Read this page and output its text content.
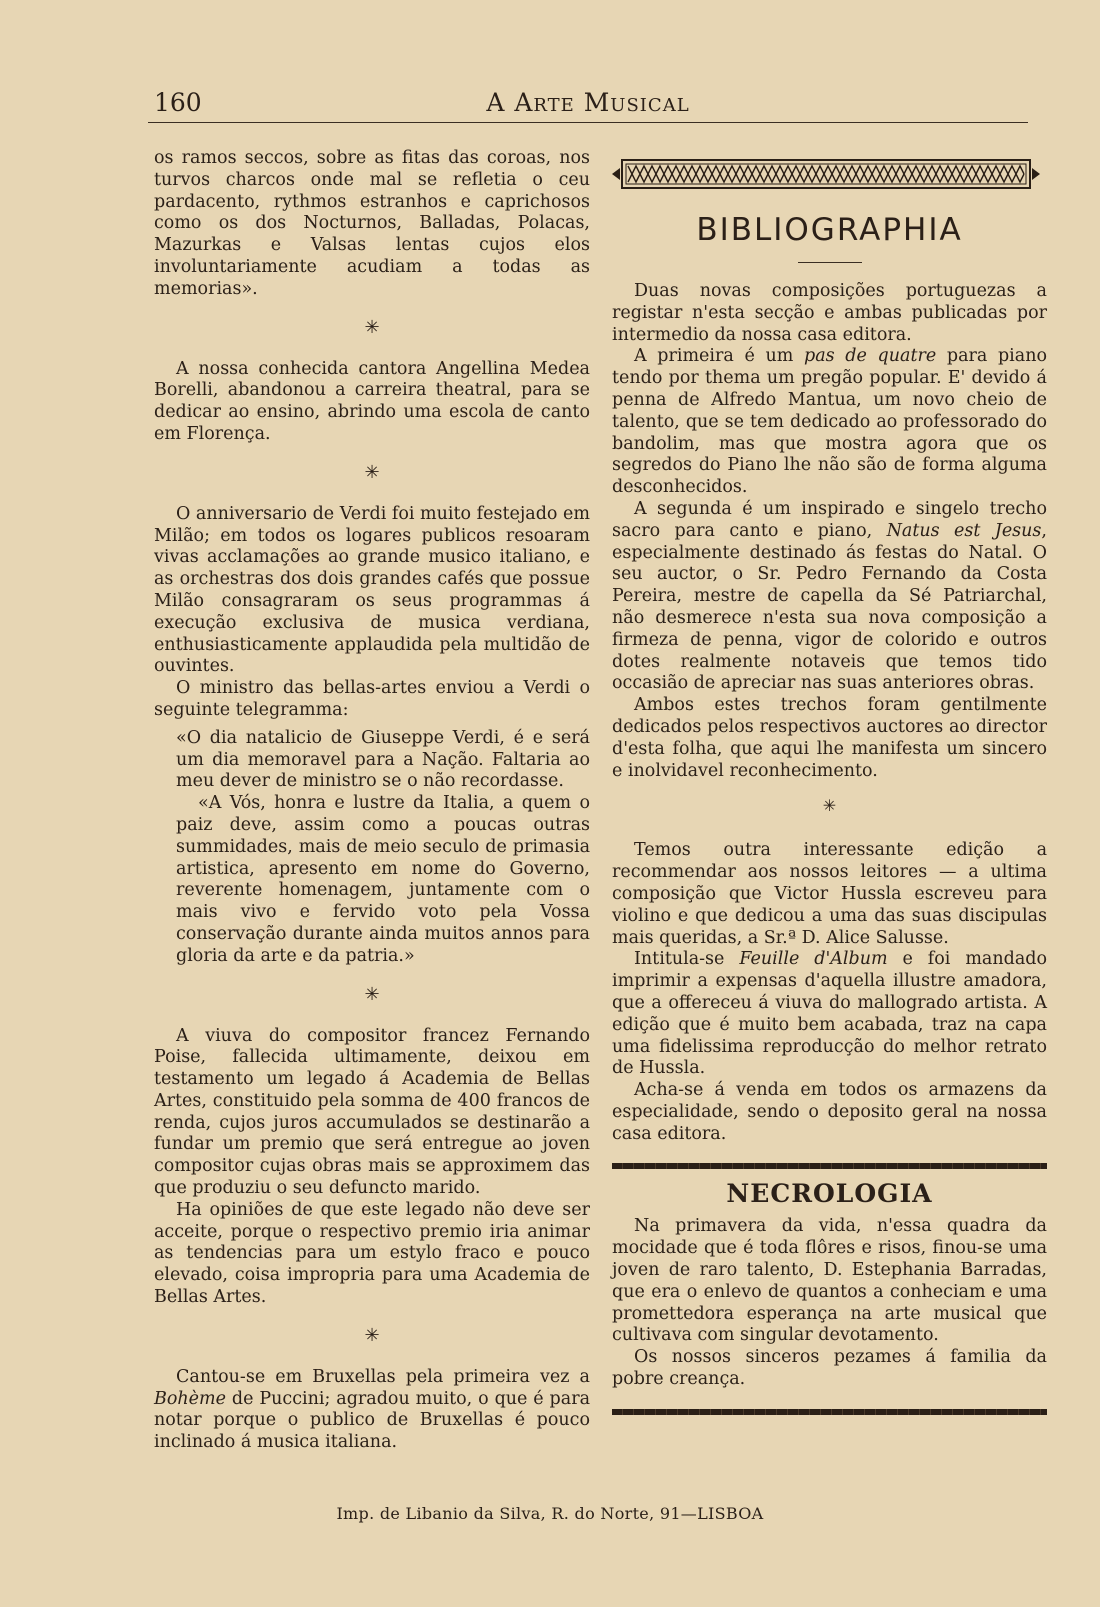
160	A Arte Musical

os ramos seccos, sobre as fitas das coroas, nos turvos charcos onde mal se refletia o ceu pardacento, rythmos estranhos e caprichosos como os dos Nocturnos, Balladas, Polacas, Mazurkas e Valsas lentas cujos elos involuntariamente acudiam a todas as memorias».

✳

A nossa conhecida cantora Angellina Medea Borelli, abandonou a carreira theatral, para se dedicar ao ensino, abrindo uma escola de canto em Florença.

✳

O anniversario de Verdi foi muito festejado em Milão; em todos os logares publicos resoaram vivas acclamações ao grande musico italiano, e as orchestras dos dois grandes cafés que possue Milão consagraram os seus programmas á execução exclusiva de musica verdiana, enthusiasticamente applaudida pela multidão de ouvintes.

O ministro das bellas-artes enviou a Verdi o seguinte telegramma:

«O dia natalicio de Giuseppe Verdi, é e será um dia memoravel para a Nação. Faltaria ao meu dever de ministro se o não recordasse.

«A Vós, honra e lustre da Italia, a quem o paiz deve, assim como a poucas outras summidades, mais de meio seculo de primasia artistica, apresento em nome do Governo, reverente homenagem, juntamente com o mais vivo e fervido voto pela Vossa conservação durante ainda muitos annos para gloria da arte e da patria.»

✳

A viuva do compositor francez Fernando Poise, fallecida ultimamente, deixou em testamento um legado á Academia de Bellas Artes, constituido pela somma de 400 francos de renda, cujos juros accumulados se destinarão a fundar um premio que será entregue ao joven compositor cujas obras mais se approximem das que produziu o seu defuncto marido.

Ha opiniões de que este legado não deve ser acceite, porque o respectivo premio iria animar as tendencias para um estylo fraco e pouco elevado, coisa impropria para uma Academia de Bellas Artes.

✳

Cantou-se em Bruxellas pela primeira vez a Bohème de Puccini; agradou muito, o que é para notar porque o publico de Bruxellas é pouco inclinado á musica italiana.

BIBLIOGRAPHIA

Duas novas composições portuguezas a registar n'esta secção e ambas publicadas por intermedio da nossa casa editora.

A primeira é um pas de quatre para piano tendo por thema um pregão popular. E' devido á penna de Alfredo Mantua, um novo cheio de talento, que se tem dedicado ao professorado do bandolim, mas que mostra agora que os segredos do Piano lhe não são de forma alguma desconhecidos.

A segunda é um inspirado e singelo trecho sacro para canto e piano, Natus est Jesus, especialmente destinado ás festas do Natal. O seu auctor, o Sr. Pedro Fernando da Costa Pereira, mestre de capella da Sé Patriarchal, não desmerece n'esta sua nova composição a firmeza de penna, vigor de colorido e outros dotes realmente notaveis que temos tido occasião de apreciar nas suas anteriores obras.

Ambos estes trechos foram gentilmente dedicados pelos respectivos auctores ao director d'esta folha, que aqui lhe manifesta um sincero e inolvidavel reconhecimento.

✳

Temos outra interessante edição a recommendar aos nossos leitores — a ultima composição que Victor Hussla escreveu para violino e que dedicou a uma das suas discipulas mais queridas, a Sr.ª D. Alice Salusse.

Intitula-se Feuille d'Album e foi mandado imprimir a expensas d'aquella illustre amadora, que a offereceu á viuva do mallogrado artista. A edição que é muito bem acabada, traz na capa uma fidelissima reproducção do melhor retrato de Hussla.

Acha-se á venda em todos os armazens da especialidade, sendo o deposito geral na nossa casa editora.

NECROLOGIA

Na primavera da vida, n'essa quadra da mocidade que é toda flôres e risos, finou-se uma joven de raro talento, D. Estephania Barradas, que era o enlevo de quantos a conheciam e uma promettedora esperança na arte musical que cultivava com singular devotamento.

Os nossos sinceros pezames á familia da pobre creança.

Imp. de Libanio da Silva, R. do Norte, 91—LISBOA
